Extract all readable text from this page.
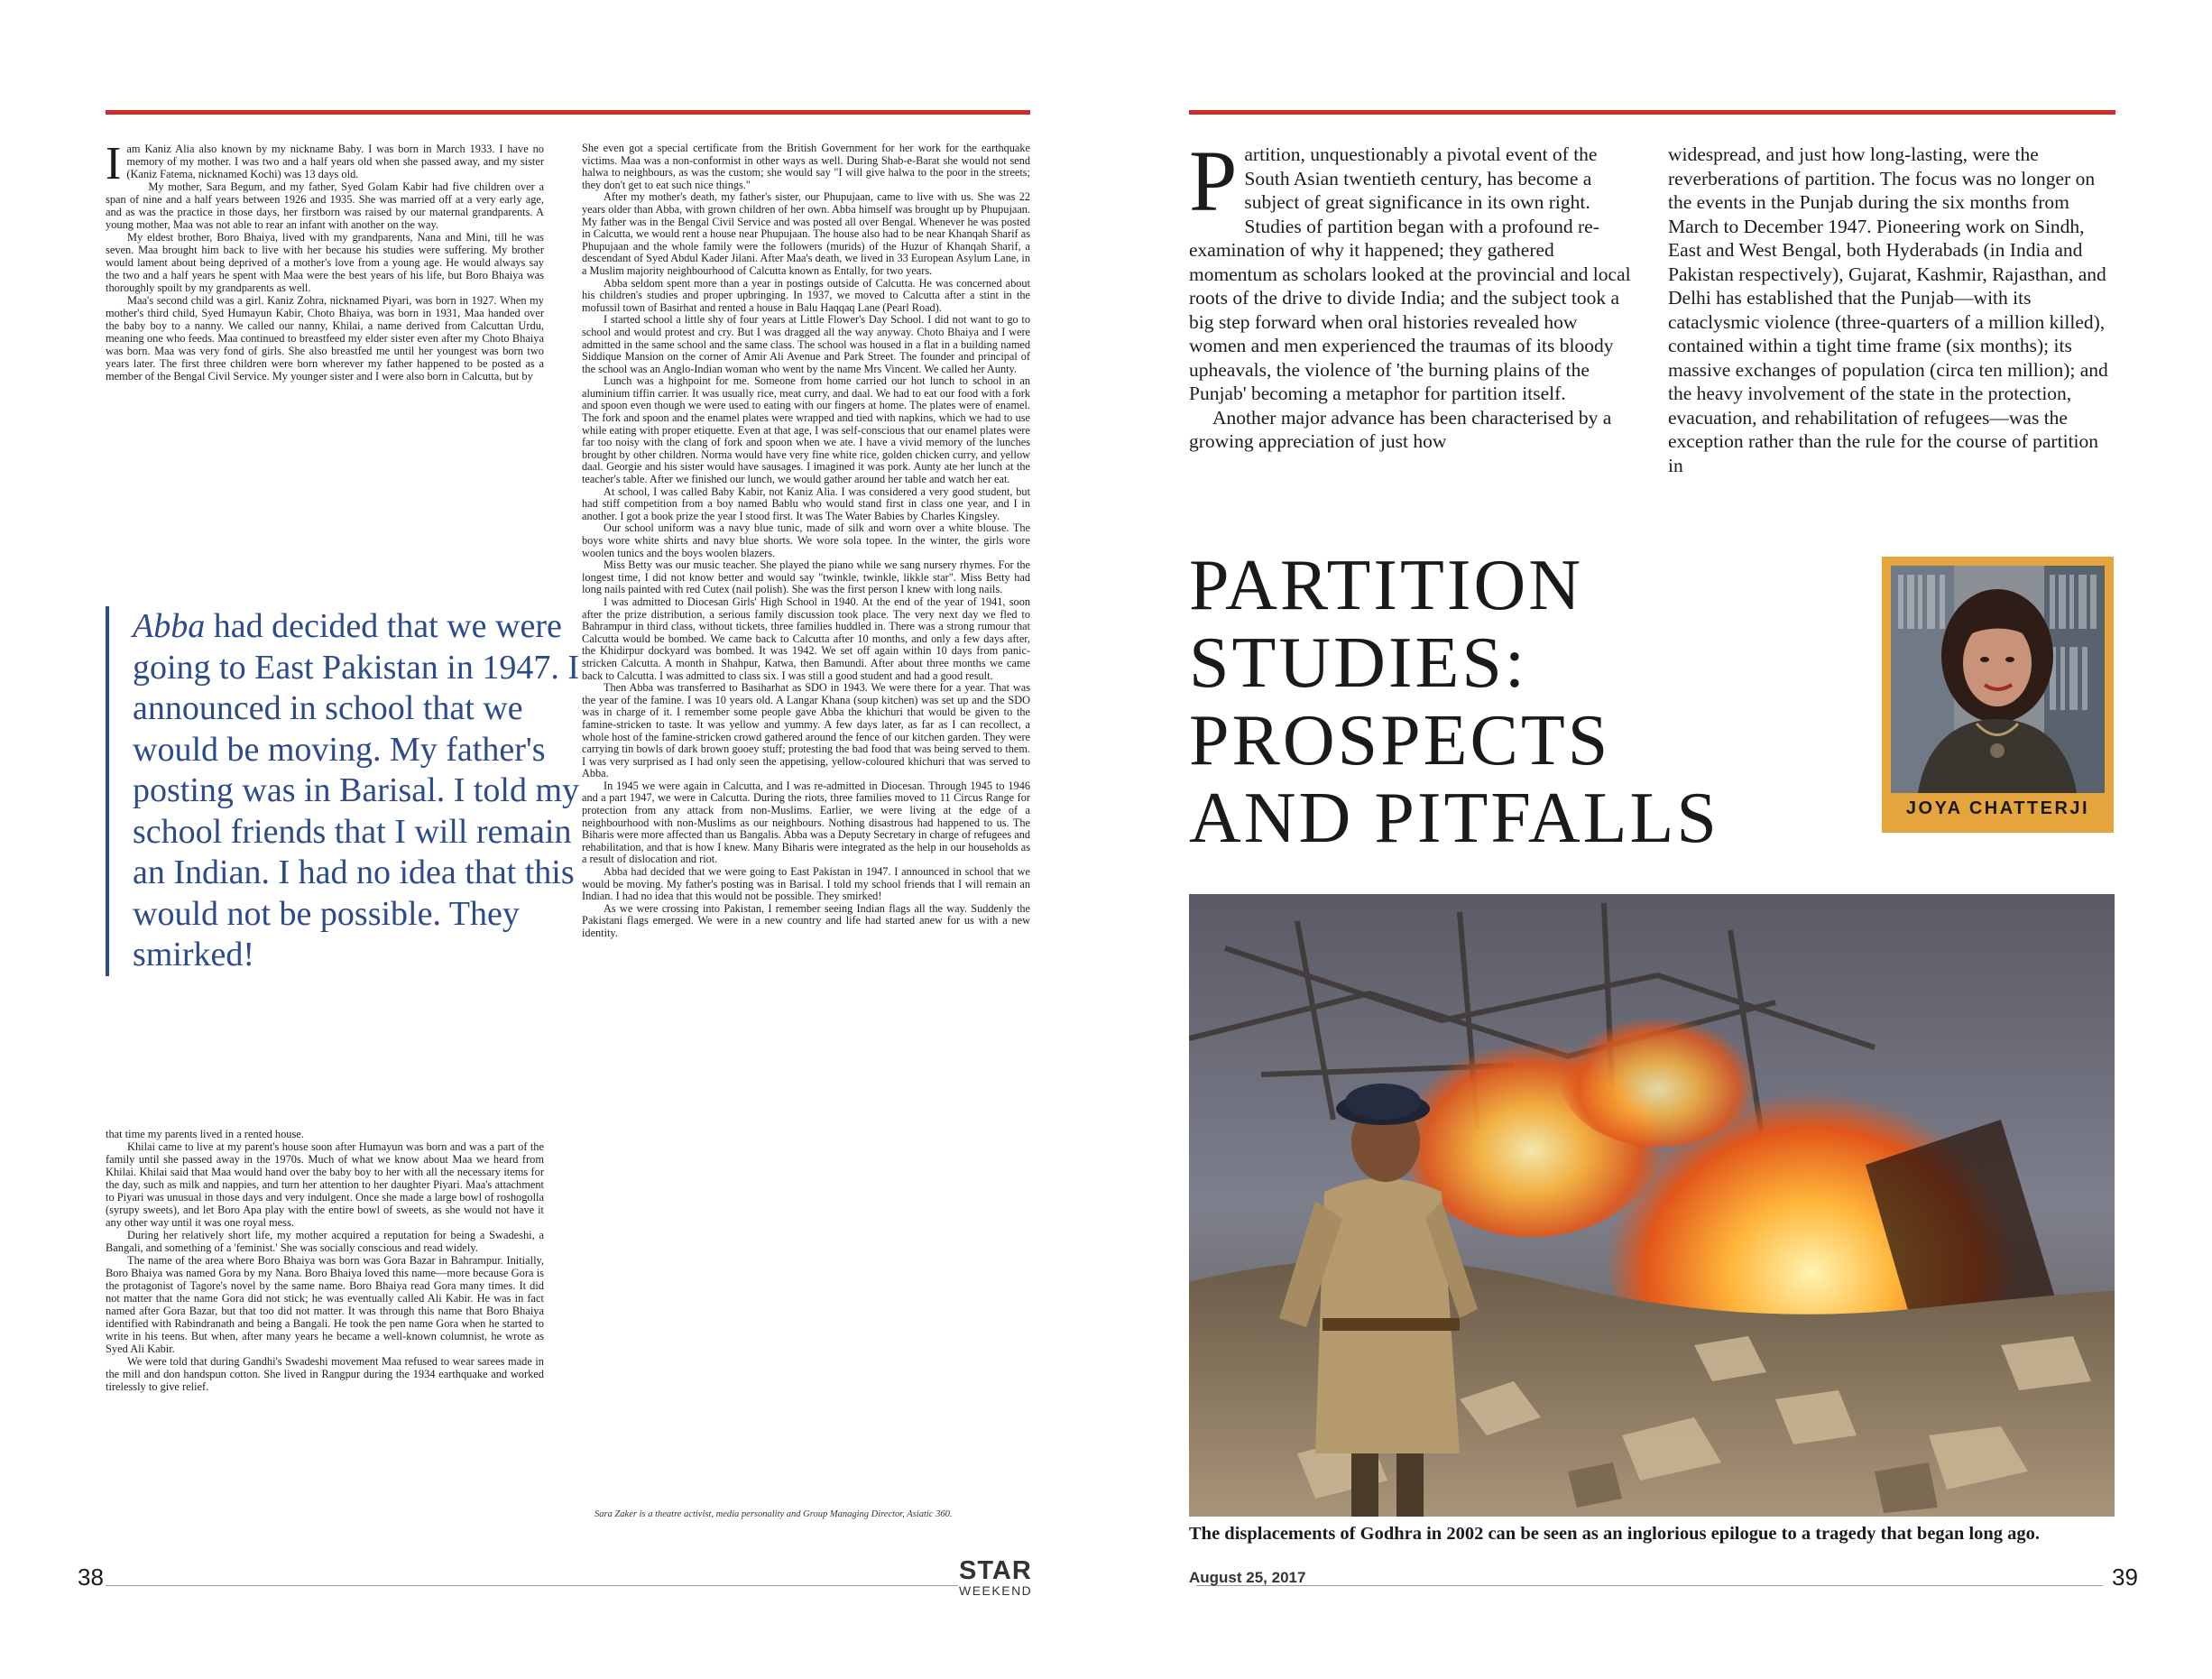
Iam Kaniz Alia also known by my nickname Baby. I was born in March 1933. I have no memory of my mother. I was two and a half years old when she passed away, and my sister (Kaniz Fatema, nicknamed Kochi) was 13 days old.

My mother, Sara Begum, and my father, Syed Golam Kabir had five children over a span of nine and a half years between 1926 and 1935. She was married off at a very early age, and as was the practice in those days, her firstborn was raised by our maternal grandparents. A young mother, Maa was not able to rear an infant with another on the way.

My eldest brother, Boro Bhaiya, lived with my grandparents, Nana and Mini, till he was seven. Maa brought him back to live with her because his studies were suffering. My brother would lament about being deprived of a mother's love from a young age. He would always say the two and a half years he spent with Maa were the best years of his life, but Boro Bhaiya was thoroughly spoilt by my grandparents as well.

Maa's second child was a girl. Kaniz Zohra, nicknamed Piyari, was born in 1927. When my mother's third child, Syed Humayun Kabir, Choto Bhaiya, was born in 1931, Maa handed over the baby boy to a nanny. We called our nanny, Khilai, a name derived from Calcuttan Urdu, meaning one who feeds. Maa continued to breastfeed my elder sister even after my Choto Bhaiya was born. Maa was very fond of girls. She also breastfed me until her youngest was born two years later. The first three children were born wherever my father happened to be posted as a member of the Bengal Civil Service. My younger sister and I were also born in Calcutta, but by

Abba had decided that we were going to East Pakistan in 1947. I announced in school that we would be moving. My father's posting was in Barisal. I told my school friends that I will remain an Indian. I had no idea that this would not be possible. They smirked!

that time my parents lived in a rented house.

Khilai came to live at my parent's house soon after Humayun was born and was a part of the family until she passed away in the 1970s. Much of what we know about Maa we heard from Khilai. Khilai said that Maa would hand over the baby boy to her with all the necessary items for the day, such as milk and nappies, and turn her attention to her daughter Piyari. Maa's attachment to Piyari was unusual in those days and very indulgent. Once she made a large bowl of roshogolla (syrupy sweets), and let Boro Apa play with the entire bowl of sweets, as she would not have it any other way until it was one royal mess.

During her relatively short life, my mother acquired a reputation for being a Swadeshi, a Bangali, and something of a 'feminist.' She was socially conscious and read widely.

The name of the area where Boro Bhaiya was born was Gora Bazar in Bahrampur. Initially, Boro Bhaiya was named Gora by my Nana. Boro Bhaiya loved this name—more because Gora is the protagonist of Tagore's novel by the same name. Boro Bhaiya read Gora many times. It did not matter that the name Gora did not stick; he was eventually called Ali Kabir. He was in fact named after Gora Bazar, but that too did not matter. It was through this name that Boro Bhaiya identified with Rabindranath and being a Bangali. He took the pen name Gora when he started to write in his teens. But when, after many years he became a well-known columnist, he wrote as Syed Ali Kabir.

We were told that during Gandhi's Swadeshi movement Maa refused to wear sarees made in the mill and don handspun cotton. She lived in Rangpur during the 1934 earthquake and worked tirelessly to give relief.

She even got a special certificate from the British Government for her work for the earthquake victims. Maa was a non-conformist in other ways as well. During Shab-e-Barat she would not send halwa to neighbours, as was the custom; she would say "I will give halwa to the poor in the streets; they don't get to eat such nice things."

After my mother's death, my father's sister, our Phupujaan, came to live with us. She was 22 years older than Abba, with grown children of her own. Abba himself was brought up by Phupujaan. My father was in the Bengal Civil Service and was posted all over Bengal. Whenever he was posted in Calcutta, we would rent a house near Phupujaan. The house also had to be near Khanqah Sharif as Phupujaan and the whole family were the followers (murids) of the Huzur of Khanqah Sharif, a descendant of Syed Abdul Kader Jilani. After Maa's death, we lived in 33 European Asylum Lane, in a Muslim majority neighbourhood of Calcutta known as Entally, for two years.

Abba seldom spent more than a year in postings outside of Calcutta. He was concerned about his children's studies and proper upbringing. In 1937, we moved to Calcutta after a stint in the mofussil town of Basirhat and rented a house in Balu Haqqaq Lane (Pearl Road).

I started school a little shy of four years at Little Flower's Day School. I did not want to go to school and would protest and cry. But I was dragged all the way anyway. Choto Bhaiya and I were admitted in the same school and the same class. The school was housed in a flat in a building named Siddique Mansion on the corner of Amir Ali Avenue and Park Street. The founder and principal of the school was an Anglo-Indian woman who went by the name Mrs Vincent. We called her Aunty.

Lunch was a highpoint for me. Someone from home carried our hot lunch to school in an aluminium tiffin carrier. It was usually rice, meat curry, and daal. We had to eat our food with a fork and spoon even though we were used to eating with our fingers at home. The plates were of enamel. The fork and spoon and the enamel plates were wrapped and tied with napkins, which we had to use while eating with proper etiquette. Even at that age, I was self-conscious that our enamel plates were far too noisy with the clang of fork and spoon when we ate. I have a vivid memory of the lunches brought by other children. Norma would have very fine white rice, golden chicken curry, and yellow daal. Georgie and his sister would have sausages. I imagined it was pork. Aunty ate her lunch at the teacher's table. After we finished our lunch, we would gather around her table and watch her eat.

At school, I was called Baby Kabir, not Kaniz Alia. I was considered a very good student, but had stiff competition from a boy named Bablu who would stand first in class one year, and I in another. I got a book prize the year I stood first. It was The Water Babies by Charles Kingsley.

Our school uniform was a navy blue tunic, made of silk and worn over a white blouse. The boys wore white shirts and navy blue shorts. We wore sola topee. In the winter, the girls wore woolen tunics and the boys woolen blazers.

Miss Betty was our music teacher. She played the piano while we sang nursery rhymes. For the longest time, I did not know better and would say "twinkle, twinkle, likkle star". Miss Betty had long nails painted with red Cutex (nail polish). She was the first person I knew with long nails.

I was admitted to Diocesan Girls' High School in 1940. At the end of the year of 1941, soon after the prize distribution, a serious family discussion took place. The very next day we fled to Bahrampur in third class, without tickets, three families huddled in. There was a strong rumour that Calcutta would be bombed. We came back to Calcutta after 10 months, and only a few days after, the Khidirpur dockyard was bombed. It was 1942. We set off again within 10 days from panic-stricken Calcutta. A month in Shahpur, Katwa, then Bamundi. After about three months we came back to Calcutta. I was admitted to class six. I was still a good student and had a good result.

Then Abba was transferred to Basiharhat as SDO in 1943. We were there for a year. That was the year of the famine. I was 10 years old. A Langar Khana (soup kitchen) was set up and the SDO was in charge of it. I remember some people gave Abba the khichuri that would be given to the famine-stricken to taste. It was yellow and yummy. A few days later, as far as I can recollect, a whole host of the famine-stricken crowd gathered around the fence of our kitchen garden. They were carrying tin bowls of dark brown gooey stuff; protesting the bad food that was being served to them. I was very surprised as I had only seen the appetising, yellow-coloured khichuri that was served to Abba.

In 1945 we were again in Calcutta, and I was re-admitted in Diocesan. Through 1945 to 1946 and a part 1947, we were in Calcutta. During the riots, three families moved to 11 Circus Range for protection from any attack from non-Muslims. Earlier, we were living at the edge of a neighbourhood with non-Muslims as our neighbours. Nothing disastrous had happened to us. The Biharis were more affected than us Bangalis. Abba was a Deputy Secretary in charge of refugees and rehabilitation, and that is how I knew. Many Biharis were integrated as the help in our households as a result of dislocation and riot.

Abba had decided that we were going to East Pakistan in 1947. I announced in school that we would be moving. My father's posting was in Barisal. I told my school friends that I will remain an Indian. I had no idea that this would not be possible. They smirked!

As we were crossing into Pakistan, I remember seeing Indian flags all the way. Suddenly the Pakistani flags emerged. We were in a new country and life had started anew for us with a new identity.

Sara Zaker is a theatre activist, media personality and Group Managing Director, Asiatic 360.
38	STAR
WEEKEND

Partition, unquestionably a pivotal event of the South Asian twentieth century, has become a subject of great significance in its own right. Studies of partition began with a profound re-examination of why it happened; they gathered momentum as scholars looked at the provincial and local roots of the drive to divide India; and the subject took a big step forward when oral histories revealed how women and men experienced the traumas of its bloody upheavals, the violence of 'the burning plains of the Punjab' becoming a metaphor for partition itself.

Another major advance has been characterised by a growing appreciation of just how

widespread, and just how long-lasting, were the reverberations of partition. The focus was no longer on the events in the Punjab during the six months from March to December 1947. Pioneering work on Sindh, East and West Bengal, both Hyderabads (in India and Pakistan respectively), Gujarat, Kashmir, Rajasthan, and Delhi has established that the Punjab—with its cataclysmic violence (three-quarters of a million killed), contained within a tight time frame (six months); its massive exchanges of population (circa ten million); and the heavy involvement of the state in the protection, evacuation, and rehabilitation of refugees—was the exception rather than the rule for the course of partition in

PARTITION
STUDIES:
PROSPECTS
AND PITFALLS	JOYA CHATTERJI
The displacements of Godhra in 2002 can be seen as an inglorious epilogue to a tragedy that began long ago.
August 25, 2017	39
